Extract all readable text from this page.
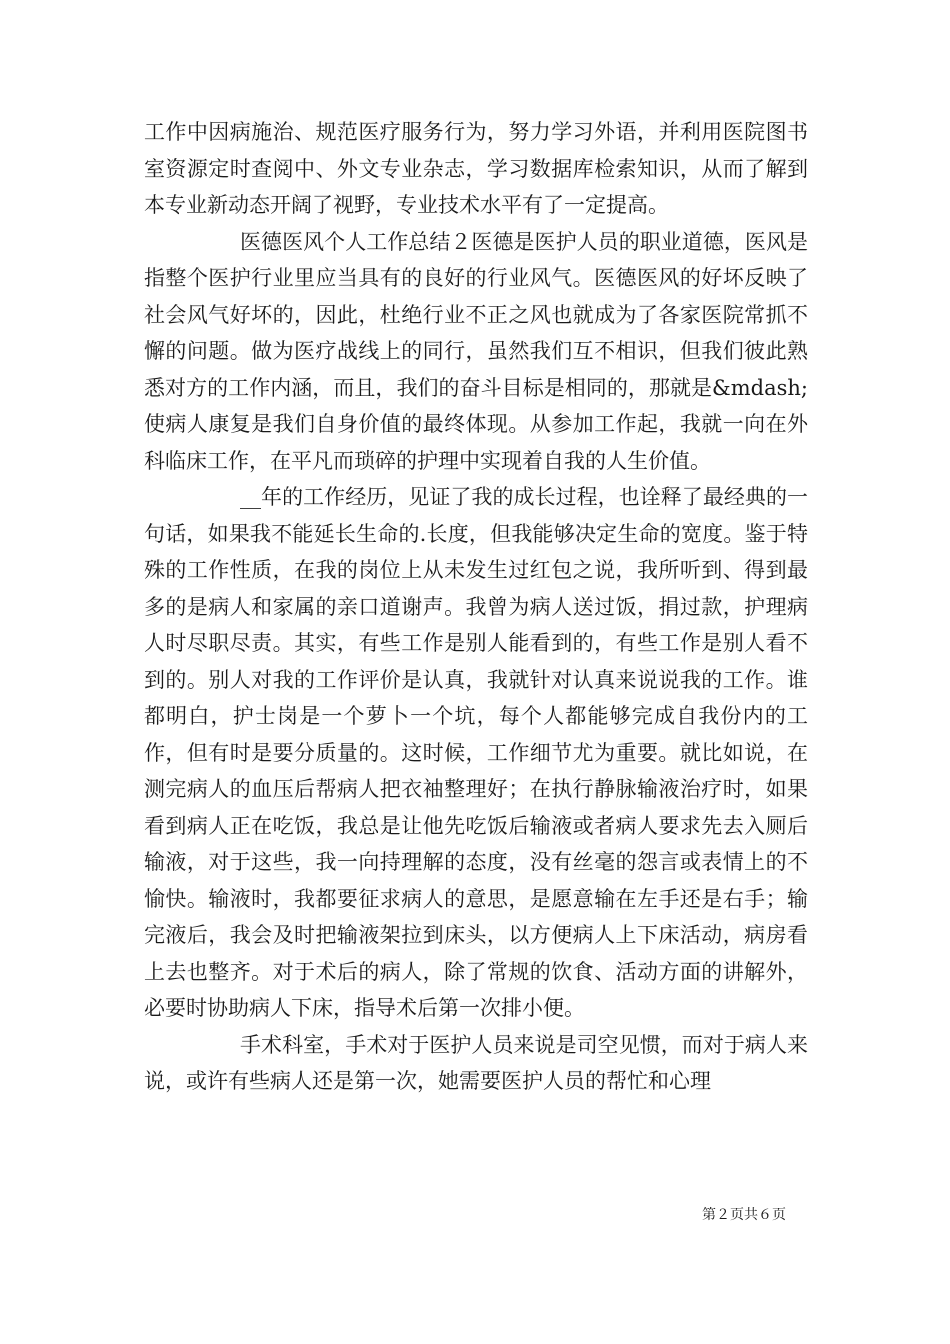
工作中因病施治、规范医疗服务行为，努力学习外语，并利用医院图书室资源定时查阅中、外文专业杂志，学习数据库检索知识，从而了解到本专业新动态开阔了视野，专业技术水平有了一定提高。

医德医风个人工作总结２医德是医护人员的职业道德，医风是指整个医护行业里应当具有的良好的行业风气。医德医风的好坏反映了社会风气好坏的，因此，杜绝行业不正之风也就成为了各家医院常抓不懈的问题。做为医疗战线上的同行，虽然我们互不相识，但我们彼此熟悉对方的工作内涵，而且，我们的奋斗目标是相同的，那就是&mdash;使病人康复是我们自身价值的最终体现。从参加工作起，我就一向在外科临床工作，在平凡而琐碎的护理中实现着自我的人生价值。

__年的工作经历，见证了我的成长过程，也诠释了最经典的一句话，如果我不能延长生命的.长度，但我能够决定生命的宽度。鉴于特殊的工作性质，在我的岗位上从未发生过红包之说，我所听到、得到最多的是病人和家属的亲口道谢声。我曾为病人送过饭，捐过款，护理病人时尽职尽责。其实，有些工作是别人能看到的，有些工作是别人看不到的。别人对我的工作评价是认真，我就针对认真来说说我的工作。谁都明白，护士岗是一个萝卜一个坑，每个人都能够完成自我份内的工作，但有时是要分质量的。这时候，工作细节尤为重要。就比如说，在测完病人的血压后帮病人把衣袖整理好；在执行静脉输液治疗时，如果看到病人正在吃饭，我总是让他先吃饭后输液或者病人要求先去入厕后输液，对于这些，我一向持理解的态度，没有丝毫的怨言或表情上的不愉快。输液时，我都要征求病人的意思，是愿意输在左手还是右手；输完液后，我会及时把输液架拉到床头，以方便病人上下床活动，病房看上去也整齐。对于术后的病人，除了常规的饮食、活动方面的讲解外，必要时协助病人下床，指导术后第一次排小便。

手术科室，手术对于医护人员来说是司空见惯，而对于病人来说，或许有些病人还是第一次，她需要医护人员的帮忙和心理

第２页共６页
